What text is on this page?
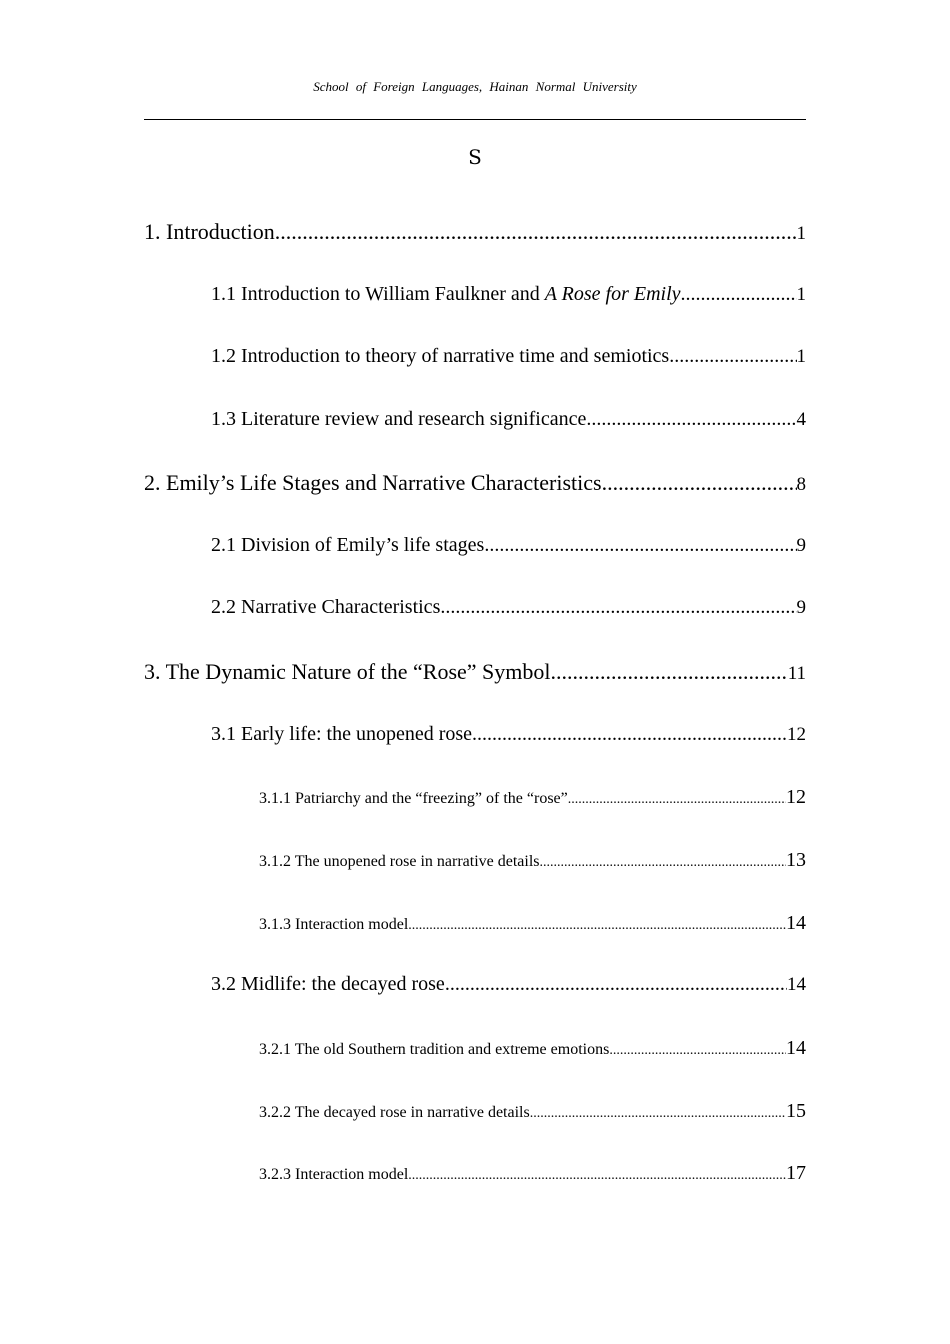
School of Foreign Languages, Hainan Normal University
S
1. Introduction .....	1
1.1 Introduction to William Faulkner and A Rose for Emily .....	1
1.2 Introduction to theory of narrative time and semiotics .....	1
1.3 Literature review and research significance .....	4
2. Emily’s Life Stages and Narrative Characteristics .....	8
2.1 Division of Emily’s life stages .....	9
2.2 Narrative Characteristics .....	9
3. The Dynamic Nature of the “Rose” Symbol .....	11
3.1 Early life: the unopened rose .....	12
3.1.1 Patriarchy and the “freezing” of the “rose” .....	12
3.1.2 The unopened rose in narrative details .....	13
3.1.3 Interaction model .....	14
3.2 Midlife: the decayed rose .....	14
3.2.1 The old Southern tradition and extreme emotions .....	14
3.2.2 The decayed rose in narrative details .....	15
3.2.3 Interaction model .....	17
